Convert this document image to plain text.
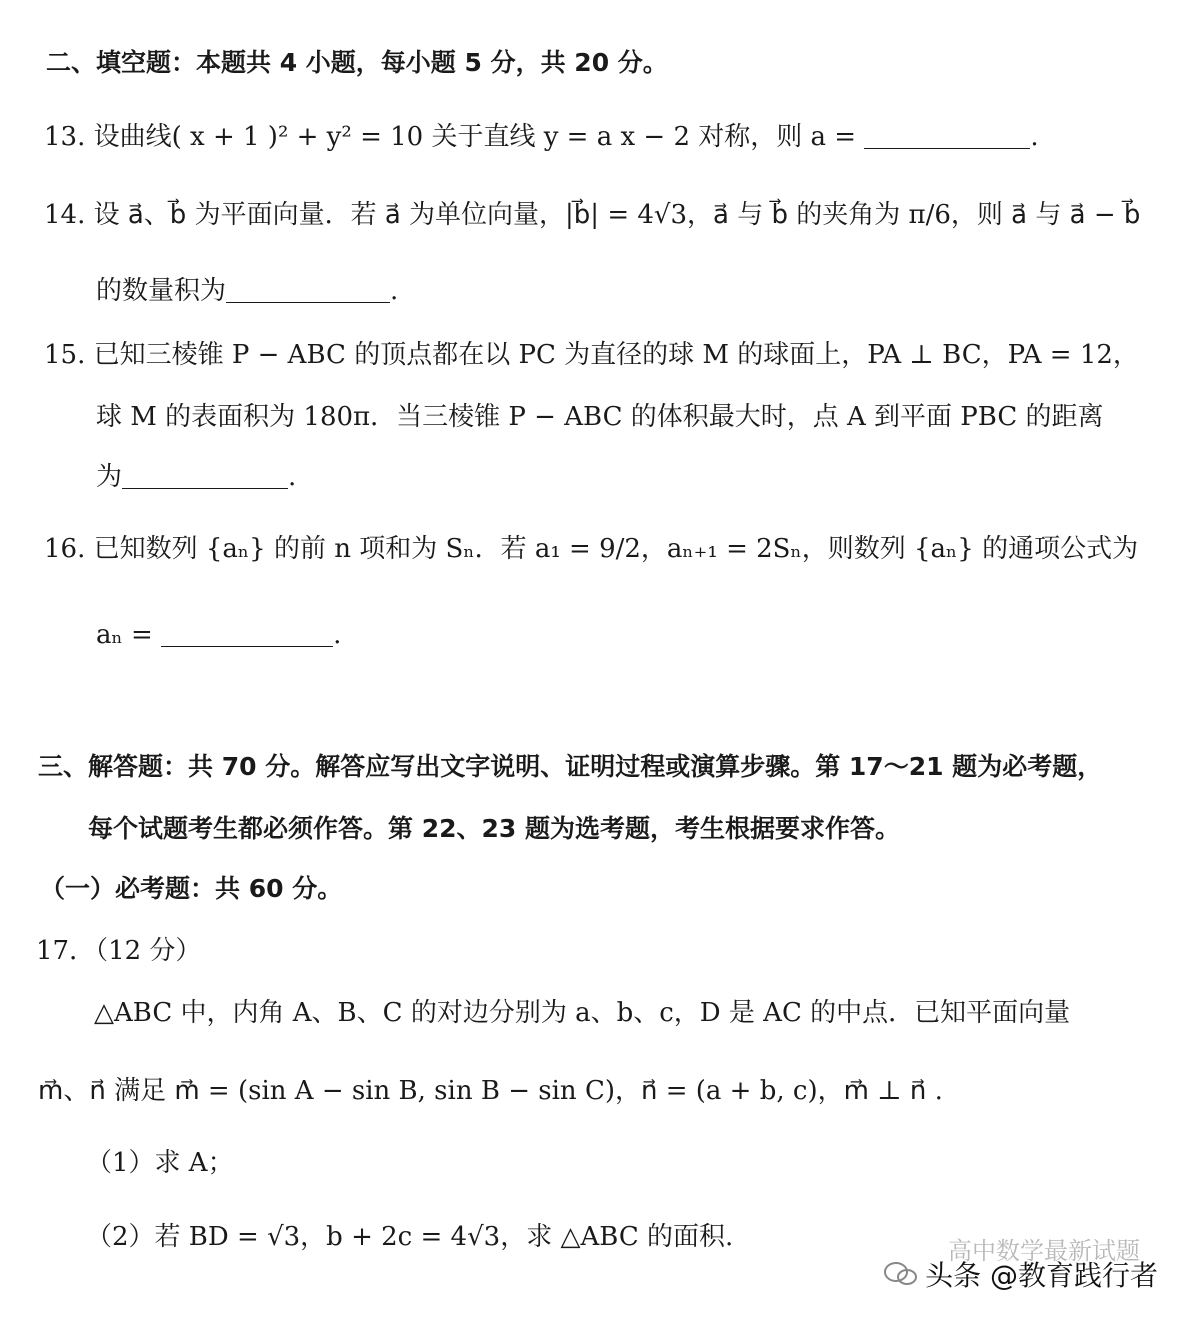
二、填空题：本题共 4 小题，每小题 5 分，共 20 分。
13. 设曲线( x + 1 )² + y² = 10 关于直线 y = a x − 2 对称，则 a =	.
14. 设 a⃗、b⃗ 为平面向量．若 a⃗ 为单位向量，|b⃗| = 4√3，a⃗ 与 b⃗ 的夹角为 π/6，则 a⃗ 与 a⃗ − b⃗
的数量积为	.
15. 已知三棱锥 P − ABC 的顶点都在以 PC 为直径的球 M 的球面上，PA ⊥ BC，PA = 12，
球 M 的表面积为 180π．当三棱锥 P − ABC 的体积最大时，点 A 到平面 PBC 的距离
为	.
16. 已知数列 {aₙ} 的前 n 项和为 Sₙ．若 a₁ = 9/2，aₙ₊₁ = 2Sₙ，则数列 {aₙ} 的通项公式为
aₙ =	.
三、解答题：共 70 分。解答应写出文字说明、证明过程或演算步骤。第 17～21 题为必考题，
每个试题考生都必须作答。第 22、23 题为选考题，考生根据要求作答。
（一）必考题：共 60 分。
17．（12 分）
△ABC 中，内角 A、B、C 的对边分别为 a、b、c，D 是 AC 的中点．已知平面向量
m⃗、n⃗ 满足 m⃗ = (sin A − sin B, sin B − sin C)，n⃗ = (a + b, c)，m⃗ ⊥ n⃗ .
（1）求 A；
（2）若 BD = √3，b + 2c = 4√3，求 △ABC 的面积.	高中数学最新试题
头条 @教育践行者
